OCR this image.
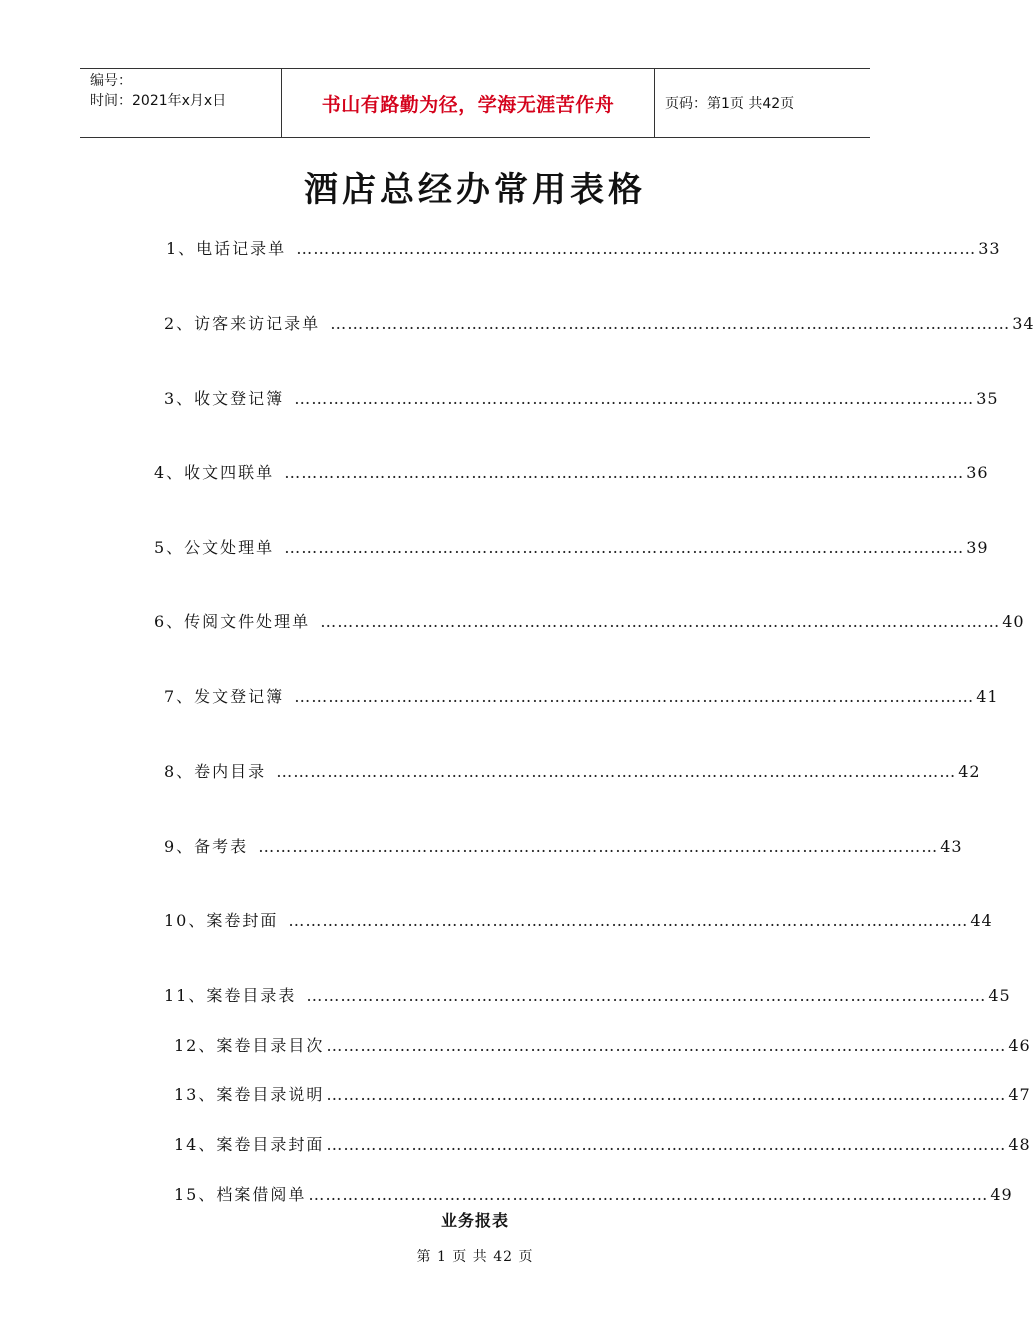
编号：
时间：2021年x月x日	书山有路勤为径，学海无涯苦作舟	页码：第1页 共42页
酒店总经办常用表格
1、电话记录单 ………………………………………………………………………………………………………… 33
2、访客来访记录单 ………………………………………………………………………………………………………… 34
3、收文登记簿 ………………………………………………………………………………………………………… 35
4、收文四联单 ………………………………………………………………………………………………………… 36
5、公文处理单 ………………………………………………………………………………………………………… 39
6、传阅文件处理单 ………………………………………………………………………………………………………… 40
7、发文登记簿 ………………………………………………………………………………………………………… 41
8、卷内目录 ………………………………………………………………………………………………………… 42
9、备考表 ………………………………………………………………………………………………………… 43
10、案卷封面 ………………………………………………………………………………………………………… 44
11、案卷目录表 ………………………………………………………………………………………………………… 45
12、案卷目录目次 ………………………………………………………………………………………………………… 46
13、案卷目录说明 ………………………………………………………………………………………………………… 47
14、案卷目录封面 ………………………………………………………………………………………………………… 48
15、档案借阅单 ………………………………………………………………………………………………………… 49
业务报表
第 1 页 共 42 页
